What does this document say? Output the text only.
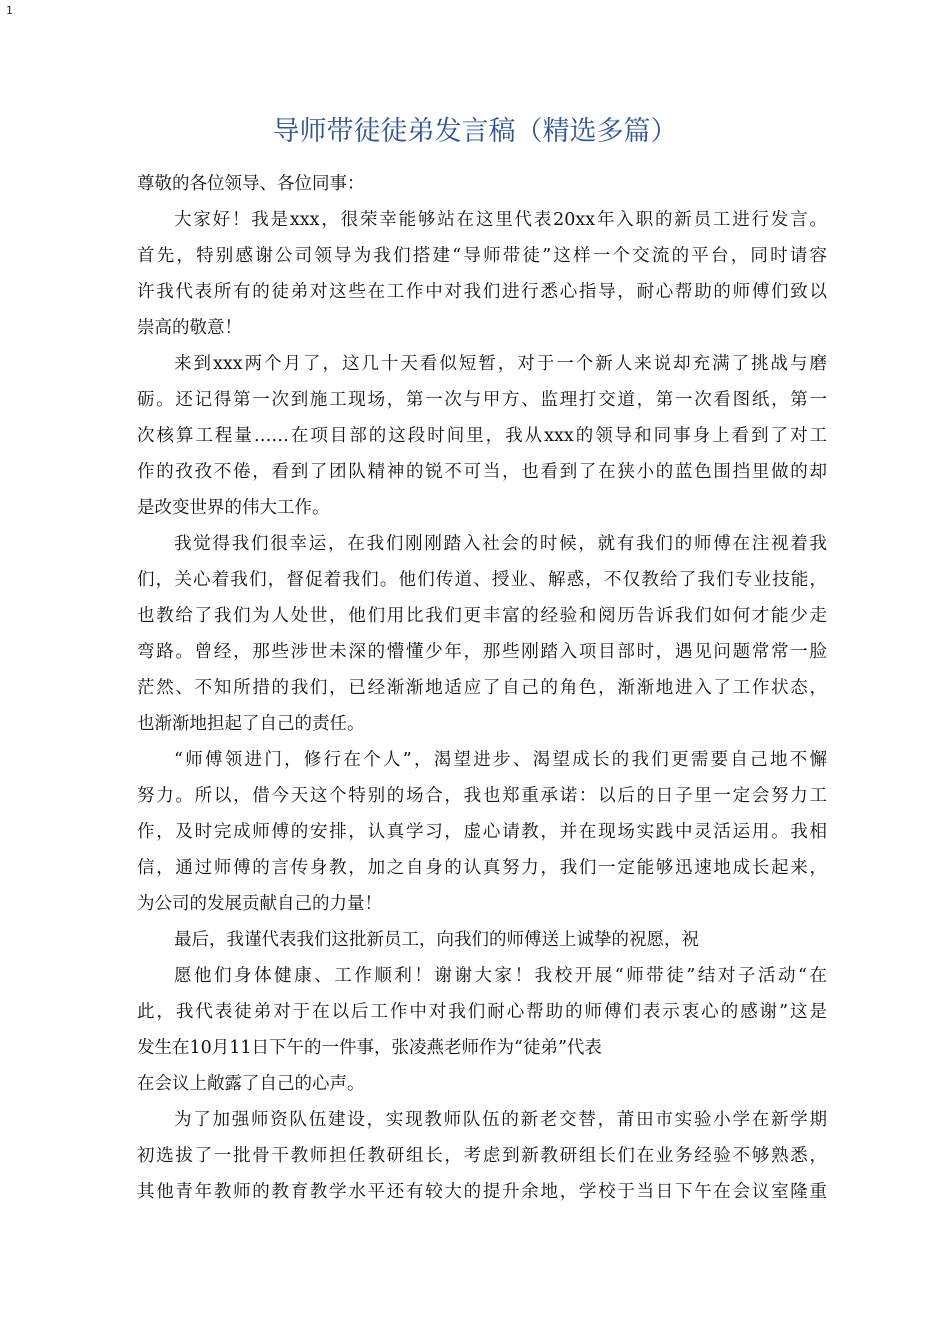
1
导师带徒徒弟发言稿（精选多篇）
尊敬的各位领导、各位同事：
大家好！我是xxx，很荣幸能够站在这里代表20xx年入职的新员工进行发言。
首先，特别感谢公司领导为我们搭建“导师带徒”这样一个交流的平台，同时请容
许我代表所有的徒弟对这些在工作中对我们进行悉心指导，耐心帮助的师傅们致以
崇高的敬意！
来到xxx两个月了，这几十天看似短暂，对于一个新人来说却充满了挑战与磨
砺。还记得第一次到施工现场，第一次与甲方、监理打交道，第一次看图纸，第一
次核算工程量……在项目部的这段时间里，我从xxx的领导和同事身上看到了对工
作的孜孜不倦，看到了团队精神的锐不可当，也看到了在狭小的蓝色围挡里做的却
是改变世界的伟大工作。
我觉得我们很幸运，在我们刚刚踏入社会的时候，就有我们的师傅在注视着我
们，关心着我们，督促着我们。他们传道、授业、解惑，不仅教给了我们专业技能，
也教给了我们为人处世，他们用比我们更丰富的经验和阅历告诉我们如何才能少走
弯路。曾经，那些涉世未深的懵懂少年，那些刚踏入项目部时，遇见问题常常一脸
茫然、不知所措的我们，已经渐渐地适应了自己的角色，渐渐地进入了工作状态，
也渐渐地担起了自己的责任。
“师傅领进门，修行在个人”，渴望进步、渴望成长的我们更需要自己地不懈
努力。所以，借今天这个特别的场合，我也郑重承诺：以后的日子里一定会努力工
作，及时完成师傅的安排，认真学习，虚心请教，并在现场实践中灵活运用。我相
信，通过师傅的言传身教，加之自身的认真努力，我们一定能够迅速地成长起来，
为公司的发展贡献自己的力量！
最后，我谨代表我们这批新员工，向我们的师傅送上诚挚的祝愿，祝
愿他们身体健康、工作顺利！谢谢大家！我校开展“师带徒”结对子活动“在
此，我代表徒弟对于在以后工作中对我们耐心帮助的师傅们表示衷心的感谢”这是
发生在10月11日下午的一件事，张凌燕老师作为“徒弟”代表
在会议上敞露了自己的心声。
为了加强师资队伍建设，实现教师队伍的新老交替，莆田市实验小学在新学期
初选拔了一批骨干教师担任教研组长，考虑到新教研组长们在业务经验不够熟悉，
其他青年教师的教育教学水平还有较大的提升余地，学校于当日下午在会议室隆重
